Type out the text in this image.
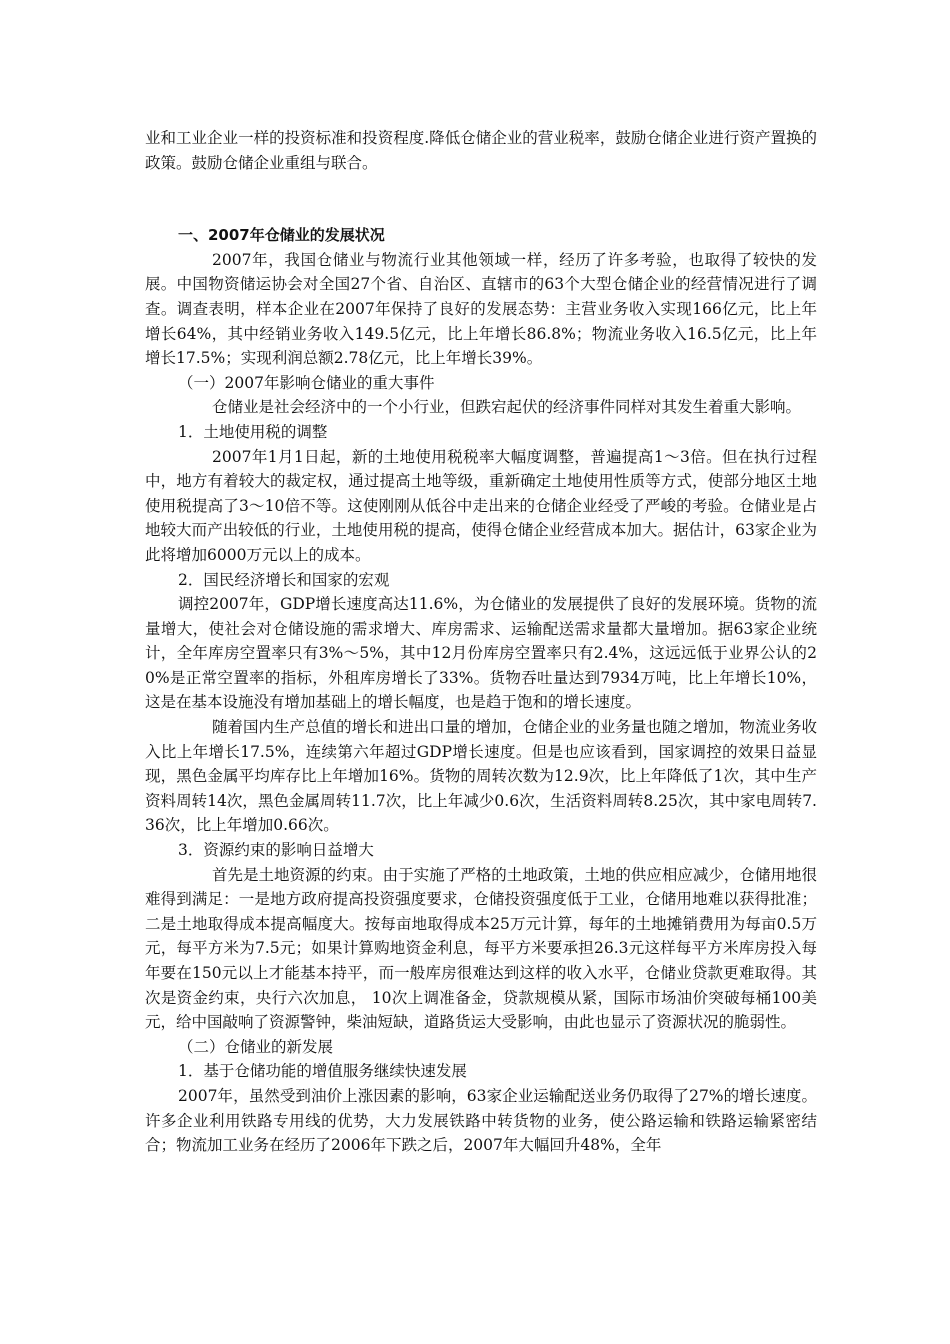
业和工业企业一样的投资标准和投资程度.降低仓储企业的营业税率，鼓励仓储企业进行资产置换的政策。鼓励仓储企业重组与联合。

一、2007年仓储业的发展状况

2007年，我国仓储业与物流行业其他领域一样，经历了许多考验，也取得了较快的发展。中国物资储运协会对全国27个省、自治区、直辖市的63个大型仓储企业的经营情况进行了调查。调查表明，样本企业在2007年保持了良好的发展态势：主营业务收入实现166亿元，比上年增长64%，其中经销业务收入149.5亿元，比上年增长86.8%；物流业务收入16.5亿元，比上年增长17.5%；实现利润总额2.78亿元，比上年增长39%。

（一）2007年影响仓储业的重大事件

仓储业是社会经济中的一个小行业，但跌宕起伏的经济事件同样对其发生着重大影响。

1．土地使用税的调整

2007年1月1日起，新的土地使用税税率大幅度调整，普遍提高1～3倍。但在执行过程中，地方有着较大的裁定权，通过提高土地等级，重新确定土地使用性质等方式，使部分地区土地使用税提高了3～10倍不等。这使刚刚从低谷中走出来的仓储企业经受了严峻的考验。仓储业是占地较大而产出较低的行业，土地使用税的提高，使得仓储企业经营成本加大。据估计，63家企业为此将增加6000万元以上的成本。

2．国民经济增长和国家的宏观

调控2007年，GDP增长速度高达11.6%，为仓储业的发展提供了良好的发展环境。货物的流量增大，使社会对仓储设施的需求增大、库房需求、运输配送需求量都大量增加。据63家企业统计，全年库房空置率只有3%～5%，其中12月份库房空置率只有2.4%，这远远低于业界公认的20%是正常空置率的指标，外租库房增长了33%。货物吞吐量达到7934万吨，比上年增长10%，这是在基本设施没有增加基础上的增长幅度，也是趋于饱和的增长速度。

随着国内生产总值的增长和进出口量的增加，仓储企业的业务量也随之增加，物流业务收入比上年增长17.5%，连续第六年超过GDP增长速度。但是也应该看到，国家调控的效果日益显现，黑色金属平均库存比上年增加16%。货物的周转次数为12.9次，比上年降低了1次，其中生产资料周转14次，黑色金属周转11.7次，比上年减少0.6次，生活资料周转8.25次，其中家电周转7.36次，比上年增加0.66次。

3．资源约束的影响日益增大

首先是土地资源的约束。由于实施了严格的土地政策，土地的供应相应减少，仓储用地很难得到满足：一是地方政府提高投资强度要求，仓储投资强度低于工业，仓储用地难以获得批准；二是土地取得成本提高幅度大。按每亩地取得成本25万元计算，每年的土地摊销费用为每亩0.5万元，每平方米为7.5元；如果计算购地资金利息，每平方米要承担26.3元这样每平方米库房投入每年要在150元以上才能基本持平，而一般库房很难达到这样的收入水平，仓储业贷款更难取得。其次是资金约束，央行六次加息， 10次上调准备金，贷款规模从紧，国际市场油价突破每桶100美元，给中国敲响了资源警钟，柴油短缺，道路货运大受影响，由此也显示了资源状况的脆弱性。

（二）仓储业的新发展

1．基于仓储功能的增值服务继续快速发展

2007年，虽然受到油价上涨因素的影响，63家企业运输配送业务仍取得了27%的增长速度。许多企业利用铁路专用线的优势，大力发展铁路中转货物的业务，使公路运输和铁路运输紧密结合；物流加工业务在经历了2006年下跌之后，2007年大幅回升48%，全年
